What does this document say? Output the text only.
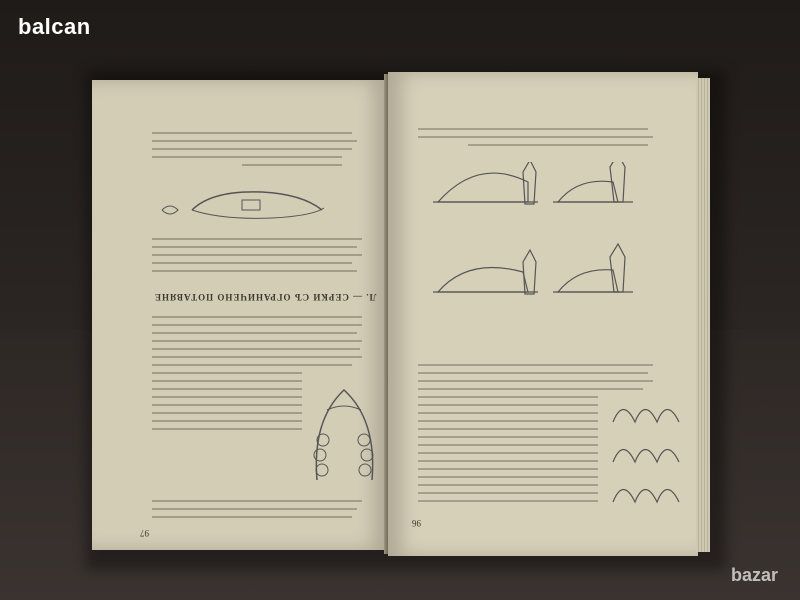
Л. — СЕРКИ СЪ ОГРАНИЧЕНО ПОТАВЯНЕ
97
96
balcan
bazar
